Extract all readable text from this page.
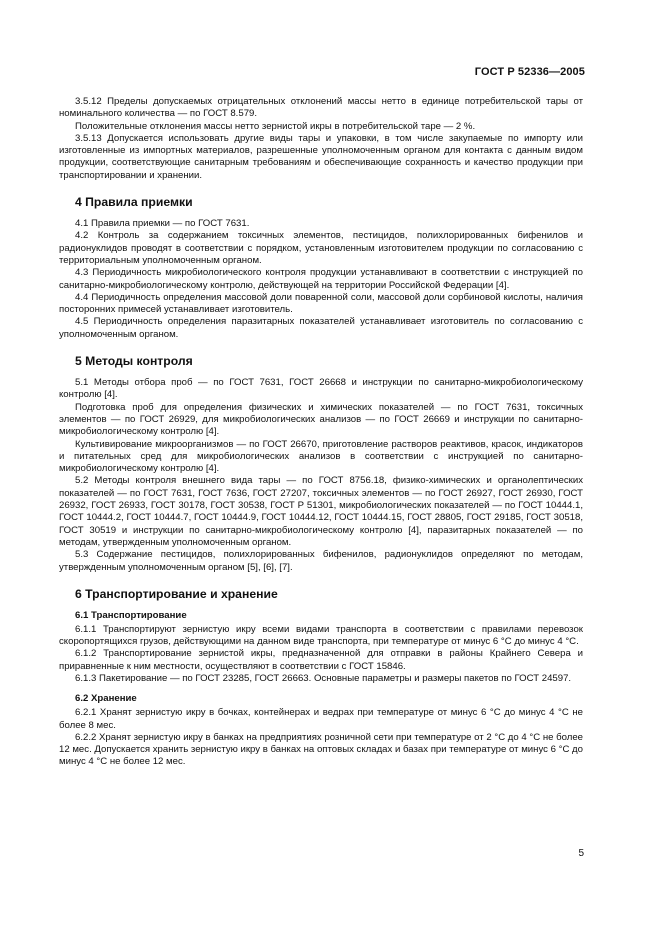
ГОСТ Р 52336—2005

3.5.12 Пределы допускаемых отрицательных отклонений массы нетто в единице потребительской тары от номинального количества — по ГОСТ 8.579.

Положительные отклонения массы нетто зернистой икры в потребительской таре — 2 %.

3.5.13 Допускается использовать другие виды тары и упаковки, в том числе закупаемые по импорту или изготовленные из импортных материалов, разрешенные уполномоченным органом для контакта с данным видом продукции, соответствующие санитарным требованиям и обеспечивающие сохранность и качество продукции при транспортировании и хранении.

4 Правила приемки

4.1 Правила приемки — по ГОСТ 7631.

4.2 Контроль за содержанием токсичных элементов, пестицидов, полихлорированных бифенилов и радионуклидов проводят в соответствии с порядком, установленным изготовителем продукции по согласованию с территориальным уполномоченным органом.

4.3 Периодичность микробиологического контроля продукции устанавливают в соответствии с инструкцией по санитарно-микробиологическому контролю, действующей на территории Российской Федерации [4].

4.4 Периодичность определения массовой доли поваренной соли, массовой доли сорбиновой кислоты, наличия посторонних примесей устанавливает изготовитель.

4.5 Периодичность определения паразитарных показателей устанавливает изготовитель по согласованию с уполномоченным органом.

5 Методы контроля

5.1 Методы отбора проб — по ГОСТ 7631, ГОСТ 26668 и инструкции по санитарно-микробиологическому контролю [4].

Подготовка проб для определения физических и химических показателей — по ГОСТ 7631, токсичных элементов — по ГОСТ 26929, для микробиологических анализов — по ГОСТ 26669 и инструкции по санитарно-микробиологическому контролю [4].

Культивирование микроорганизмов — по ГОСТ 26670, приготовление растворов реактивов, красок, индикаторов и питательных сред для микробиологических анализов в соответствии с инструкцией по санитарно-микробиологическому контролю [4].

5.2 Методы контроля внешнего вида тары — по ГОСТ 8756.18, физико-химических и органолептических показателей — по ГОСТ 7631, ГОСТ 7636, ГОСТ 27207, токсичных элементов — по ГОСТ 26927, ГОСТ 26930, ГОСТ 26932, ГОСТ 26933, ГОСТ 30178, ГОСТ 30538, ГОСТ Р 51301, микробиологических показателей — по ГОСТ 10444.1, ГОСТ 10444.2, ГОСТ 10444.7, ГОСТ 10444.9, ГОСТ 10444.12, ГОСТ 10444.15, ГОСТ 28805, ГОСТ 29185, ГОСТ 30518, ГОСТ 30519 и инструкции по санитарно-микробиологическому контролю [4], паразитарных показателей — по методам, утвержденным уполномоченным органом.

5.3 Содержание пестицидов, полихлорированных бифенилов, радионуклидов определяют по методам, утвержденным уполномоченным органом [5], [6], [7].

6 Транспортирование и хранение
6.1 Транспортирование

6.1.1 Транспортируют зернистую икру всеми видами транспорта в соответствии с правилами перевозок скоропортящихся грузов, действующими на данном виде транспорта, при температуре от минус 6 °С до минус 4 °С.

6.1.2 Транспортирование зернистой икры, предназначенной для отправки в районы Крайнего Севера и приравненные к ним местности, осуществляют в соответствии с ГОСТ 15846.

6.1.3 Пакетирование — по ГОСТ 23285, ГОСТ 26663. Основные параметры и размеры пакетов по ГОСТ 24597.

6.2 Хранение

6.2.1 Хранят зернистую икру в бочках, контейнерах и ведрах при температуре от минус 6 °С до минус 4 °С не более 8 мес.

6.2.2 Хранят зернистую икру в банках на предприятиях розничной сети при температуре от 2 °С до 4 °С не более 12 мес. Допускается хранить зернистую икру в банках на оптовых складах и базах при температуре от минус 6 °С до минус 4 °С не более 12 мес.

5
